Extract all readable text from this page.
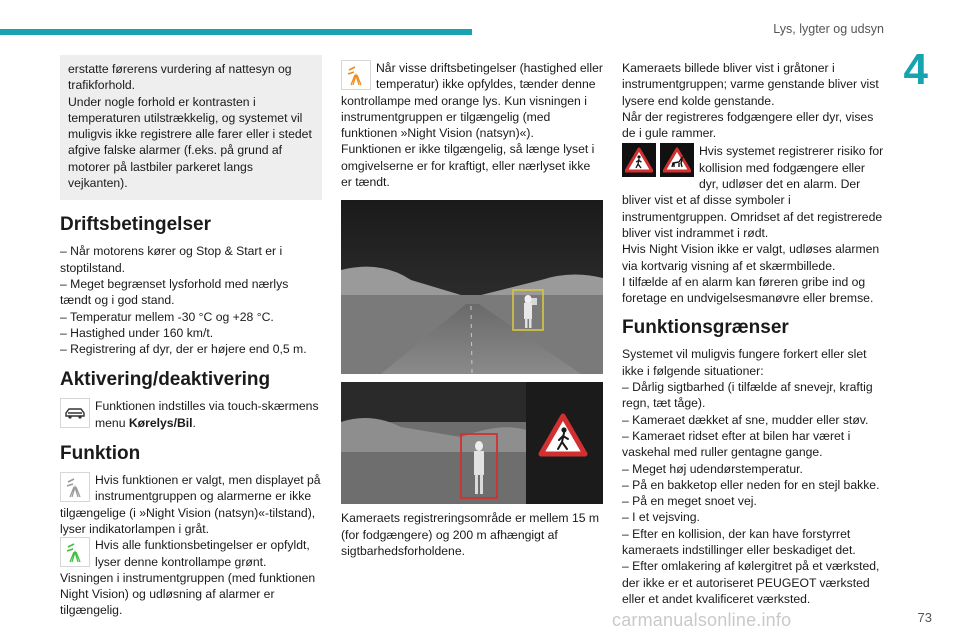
Lys, lygter og udsyn
4

erstatte førerens vurdering af nattesyn og trafikforhold.

Under nogle forhold er kontrasten i temperaturen utilstrækkelig, og systemet vil muligvis ikke registrere alle farer eller i stedet afgive falske alarmer (f.eks. på grund af motorer på lastbiler parkeret langs vejkanten).

Driftsbetingelser
– Når motorens kører og Stop & Start er i stoptilstand.
– Meget begrænset lysforhold med nærlys tændt og i god stand.
– Temperatur mellem -30 °C og +28 °C.
– Hastighed under 160 km/t.
– Registrering af dyr, der er højere end 0,5 m.
Aktivering/deaktivering
Funktionen indstilles via touch-skærmens menu Kørelys/Bil.
Funktion
Hvis funktionen er valgt, men displayet på instrumentgruppen og alarmerne er ikke tilgængelige (i »Night Vision (natsyn)«-tilstand), lyser indikatorlampen i gråt.
Hvis alle funktionsbetingelser er opfyldt, lyser denne kontrollampe grønt.

Visningen i instrumentgruppen (med funktionen Night Vision) og udløsning af alarmer er tilgængelig.

Når visse driftsbetingelser (hastighed eller temperatur) ikke opfyldes, tænder denne kontrollampe med orange lys. Kun visningen i instrumentgruppen er tilgængelig (med funktionen »Night Vision (natsyn)«).

Funktionen er ikke tilgængelig, så længe lyset i omgivelserne er for kraftigt, eller nærlyset ikke er tændt.

Kameraets registreringsområde er mellem 15 m (for fodgængere) og 200 m afhængigt af sigtbarhedsforholdene.

Kameraets billede bliver vist i gråtoner i instrumentgruppen; varme genstande bliver vist lysere end kolde genstande.

Når der registreres fodgængere eller dyr, vises de i gule rammer.

Hvis systemet registrerer risiko for kollision med fodgængere eller dyr, udløser det en alarm. Der bliver vist et af disse symboler i instrumentgruppen. Omridset af det registrerede bliver vist indrammet i rødt.

Hvis Night Vision ikke er valgt, udløses alarmen via kortvarig visning af et skærmbillede.

I tilfælde af en alarm kan føreren gribe ind og foretage en undvigelsesmanøvre eller bremse.

Funktionsgrænser

Systemet vil muligvis fungere forkert eller slet ikke i følgende situationer:

– Dårlig sigtbarhed (i tilfælde af snevejr, kraftig regn, tæt tåge).
– Kameraet dækket af sne, mudder eller støv.
– Kameraet ridset efter at bilen har været i vaskehal med ruller gentagne gange.
– Meget høj udendørstemperatur.
– På en bakketop eller neden for en stejl bakke.
– På en meget snoet vej.
– I et vejsving.
– Efter en kollision, der kan have forstyrret kameraets indstillinger eller beskadiget det.
– Efter omlakering af kølergitret på et værksted, der ikke er et autoriseret PEUGEOT værksted eller et andet kvalificeret værksted.
carmanualsonline.info	73
